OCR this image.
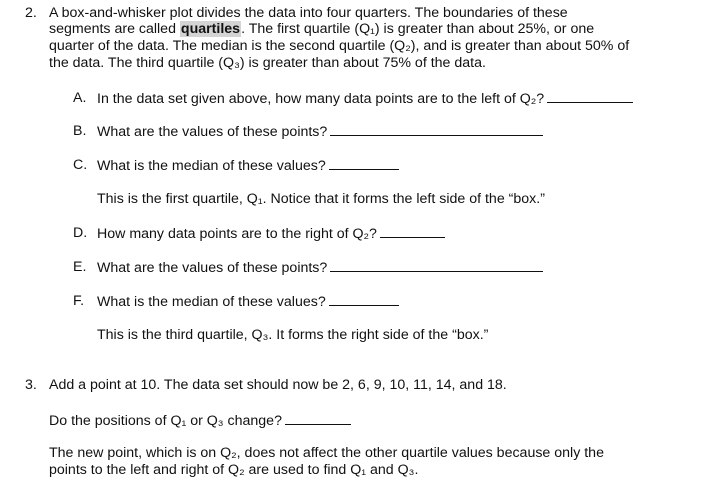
2. A box-and-whisker plot divides the data into four quarters. The boundaries of these
segments are called quartiles. The first quartile (Q₁) is greater than about 25%, or one
quarter of the data. The median is the second quartile (Q₂), and is greater than about 50% of
the data. The third quartile (Q₃) is greater than about 75% of the data.
A. In the data set given above, how many data points are to the left of Q₂?
B. What are the values of these points?
C. What is the median of these values?
This is the first quartile, Q₁. Notice that it forms the left side of the “box.”
D. How many data points are to the right of Q₂?
E. What are the values of these points?
F. What is the median of these values?
This is the third quartile, Q₃. It forms the right side of the “box.”
3. Add a point at 10. The data set should now be 2, 6, 9, 10, 11, 14, and 18.
Do the positions of Q₁ or Q₃ change?
The new point, which is on Q₂, does not affect the other quartile values because only the
points to the left and right of Q₂ are used to find Q₁ and Q₃.
